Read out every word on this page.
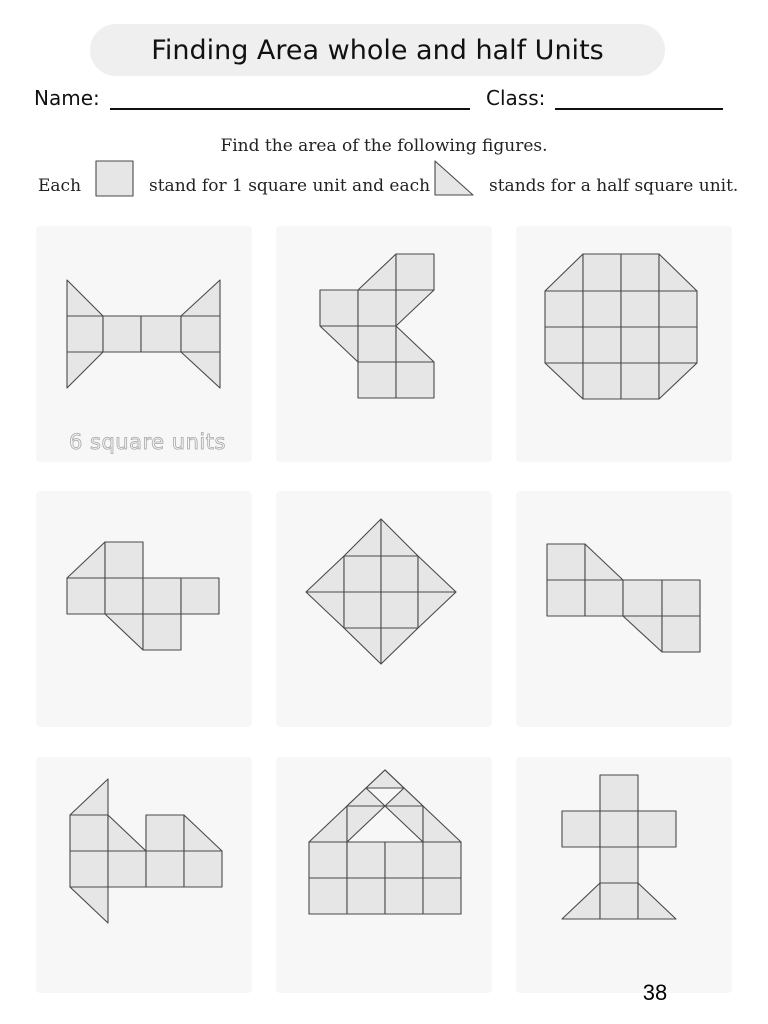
Finding Area whole and half Units
Name:	Class:
Find the area of the following figures.
Each	stand for 1 square unit and each	stands for a half square unit.
6 square units
38
